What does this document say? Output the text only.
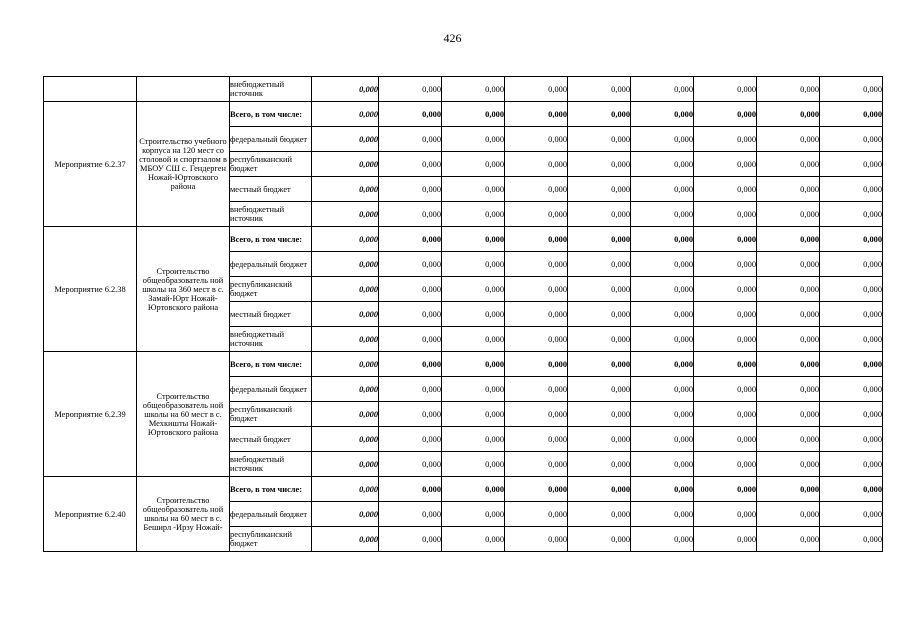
426
		внебюджетный источник	0,000	0,000	0,000	0,000	0,000	0,000	0,000	0,000	0,000
Мероприятие 6.2.37	Строительство учебного корпуса на 120 мест со столовой и спортзалом в МБОУ СШ с. Гендерген Ножай-Юртовского района	Всего, в том числе:	0,000	0,000	0,000	0,000	0,000	0,000	0,000	0,000	0,000
		федеральный бюджет	0,000	0,000	0,000	0,000	0,000	0,000	0,000	0,000	0,000
		республиканский бюджет	0,000	0,000	0,000	0,000	0,000	0,000	0,000	0,000	0,000
		местный бюджет	0,000	0,000	0,000	0,000	0,000	0,000	0,000	0,000	0,000
		внебюджетный источник	0,000	0,000	0,000	0,000	0,000	0,000	0,000	0,000	0,000
Мероприятие 6.2.38	Строительство общеобразователь ной школы на 360 мест в с. Замай-Юрт Ножай-Юртовского района	Всего, в том числе:	0,000	0,000	0,000	0,000	0,000	0,000	0,000	0,000	0,000
		федеральный бюджет	0,000	0,000	0,000	0,000	0,000	0,000	0,000	0,000	0,000
		республиканский бюджет	0,000	0,000	0,000	0,000	0,000	0,000	0,000	0,000	0,000
		местный бюджет	0,000	0,000	0,000	0,000	0,000	0,000	0,000	0,000	0,000
		внебюджетный источник	0,000	0,000	0,000	0,000	0,000	0,000	0,000	0,000	0,000
Мероприятие 6.2.39	Строительство общеобразователь ной школы на 60 мест в с. Мехкишты Ножай-Юртовского района	Всего, в том числе:	0,000	0,000	0,000	0,000	0,000	0,000	0,000	0,000	0,000
		федеральный бюджет	0,000	0,000	0,000	0,000	0,000	0,000	0,000	0,000	0,000
		республиканский бюджет	0,000	0,000	0,000	0,000	0,000	0,000	0,000	0,000	0,000
		местный бюджет	0,000	0,000	0,000	0,000	0,000	0,000	0,000	0,000	0,000
		внебюджетный источник	0,000	0,000	0,000	0,000	0,000	0,000	0,000	0,000	0,000
Мероприятие 6.2.40	Строительство общеобразователь ной школы на 60 мест в с. Беширл -Ирзу Ножай-	Всего, в том числе:	0,000	0,000	0,000	0,000	0,000	0,000	0,000	0,000	0,000
		федеральный бюджет	0,000	0,000	0,000	0,000	0,000	0,000	0,000	0,000	0,000
		республиканский бюджет	0,000	0,000	0,000	0,000	0,000	0,000	0,000	0,000	0,000
